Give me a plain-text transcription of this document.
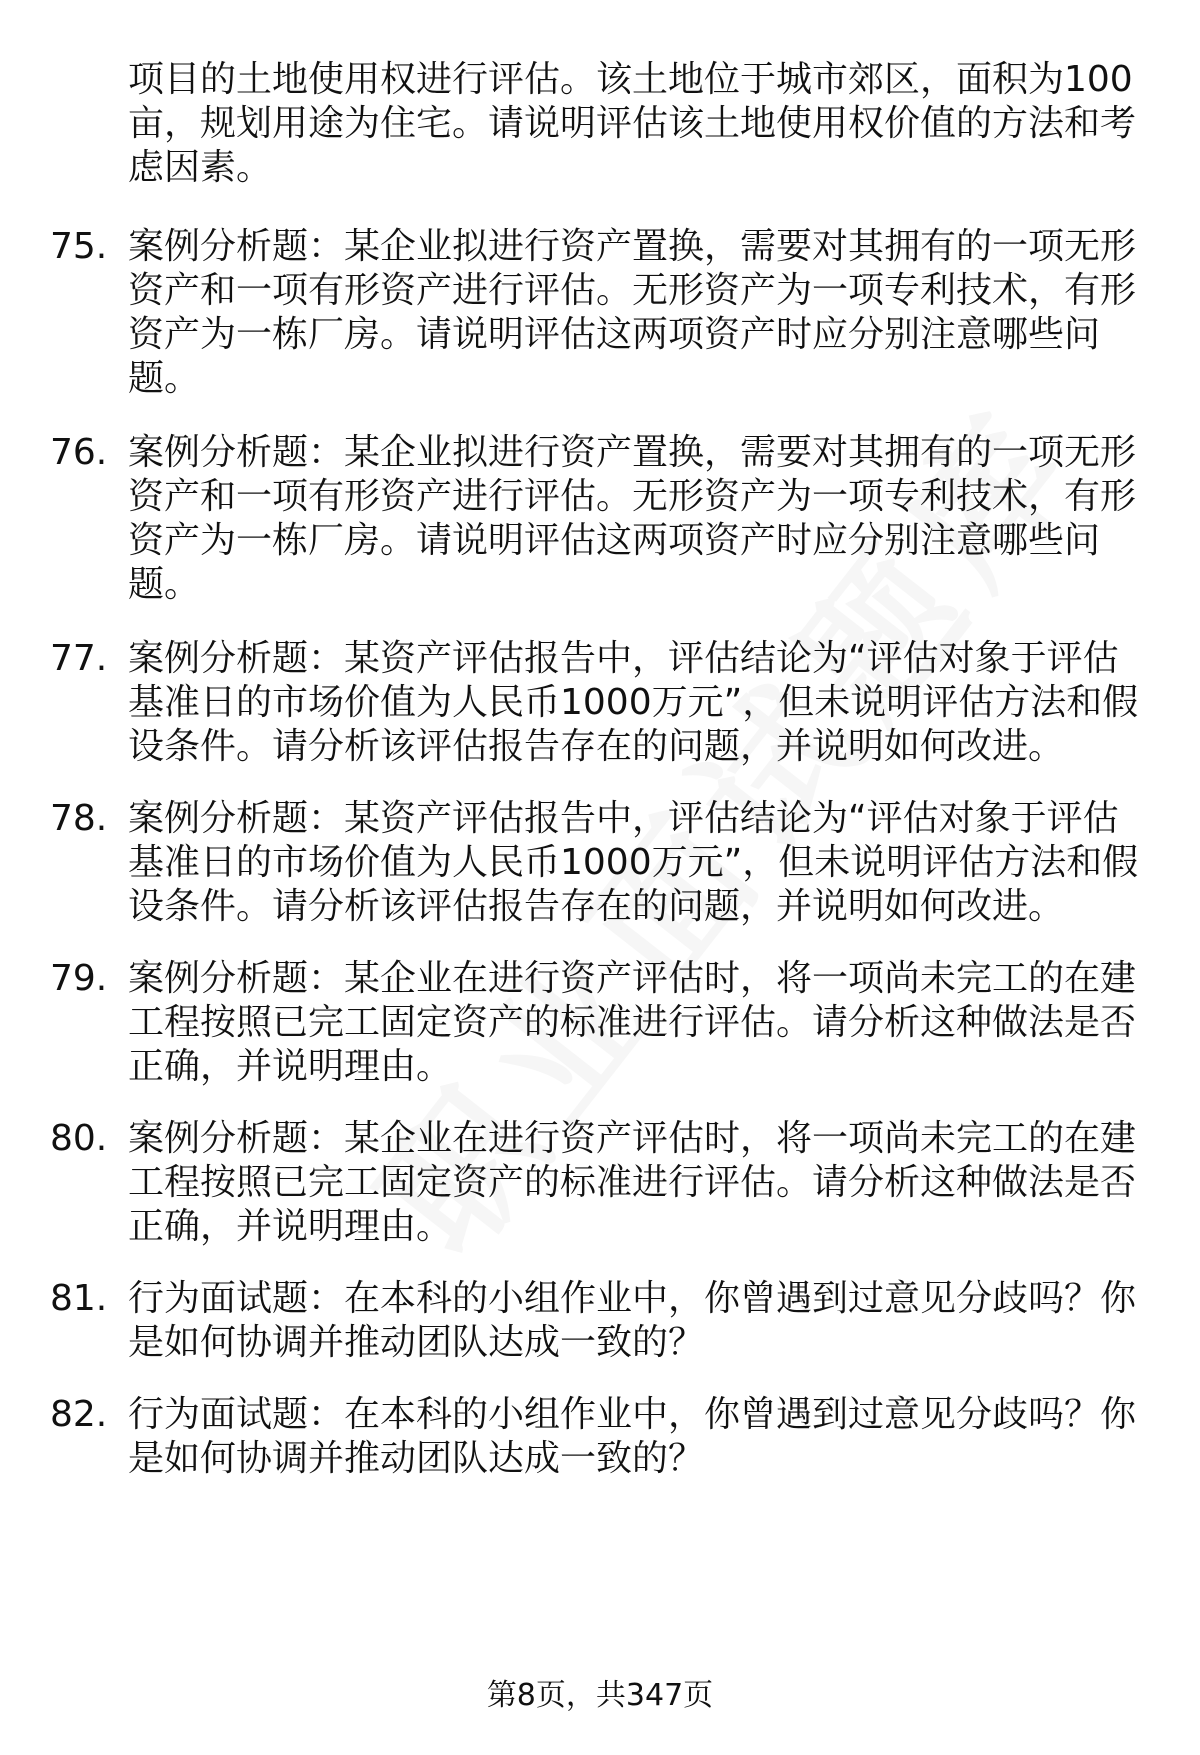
项目的土地使用权进行评估。该土地位于城市郊区，面积为100亩，规划用途为住宅。请说明评估该土地使用权价值的方法和考虑因素。

75. 案例分析题：某企业拟进行资产置换，需要对其拥有的一项无形资产和一项有形资产进行评估。无形资产为一项专利技术，有形资产为一栋厂房。请说明评估这两项资产时应分别注意哪些问题。

76. 案例分析题：某企业拟进行资产置换，需要对其拥有的一项无形资产和一项有形资产进行评估。无形资产为一项专利技术，有形资产为一栋厂房。请说明评估这两项资产时应分别注意哪些问题。

77. 案例分析题：某资产评估报告中，评估结论为“评估对象于评估基准日的市场价值为人民币1000万元”，但未说明评估方法和假设条件。请分析该评估报告存在的问题，并说明如何改进。

78. 案例分析题：某资产评估报告中，评估结论为“评估对象于评估基准日的市场价值为人民币1000万元”，但未说明评估方法和假设条件。请分析该评估报告存在的问题，并说明如何改进。

79. 案例分析题：某企业在进行资产评估时，将一项尚未完工的在建工程按照已完工固定资产的标准进行评估。请分析这种做法是否正确，并说明理由。

80. 案例分析题：某企业在进行资产评估时，将一项尚未完工的在建工程按照已完工固定资产的标准进行评估。请分析这种做法是否正确，并说明理由。

81. 行为面试题：在本科的小组作业中，你曾遇到过意见分歧吗？你是如何协调并推动团队达成一致的？

82. 行为面试题：在本科的小组作业中，你曾遇到过意见分歧吗？你是如何协调并推动团队达成一致的？

第8页，共347页
